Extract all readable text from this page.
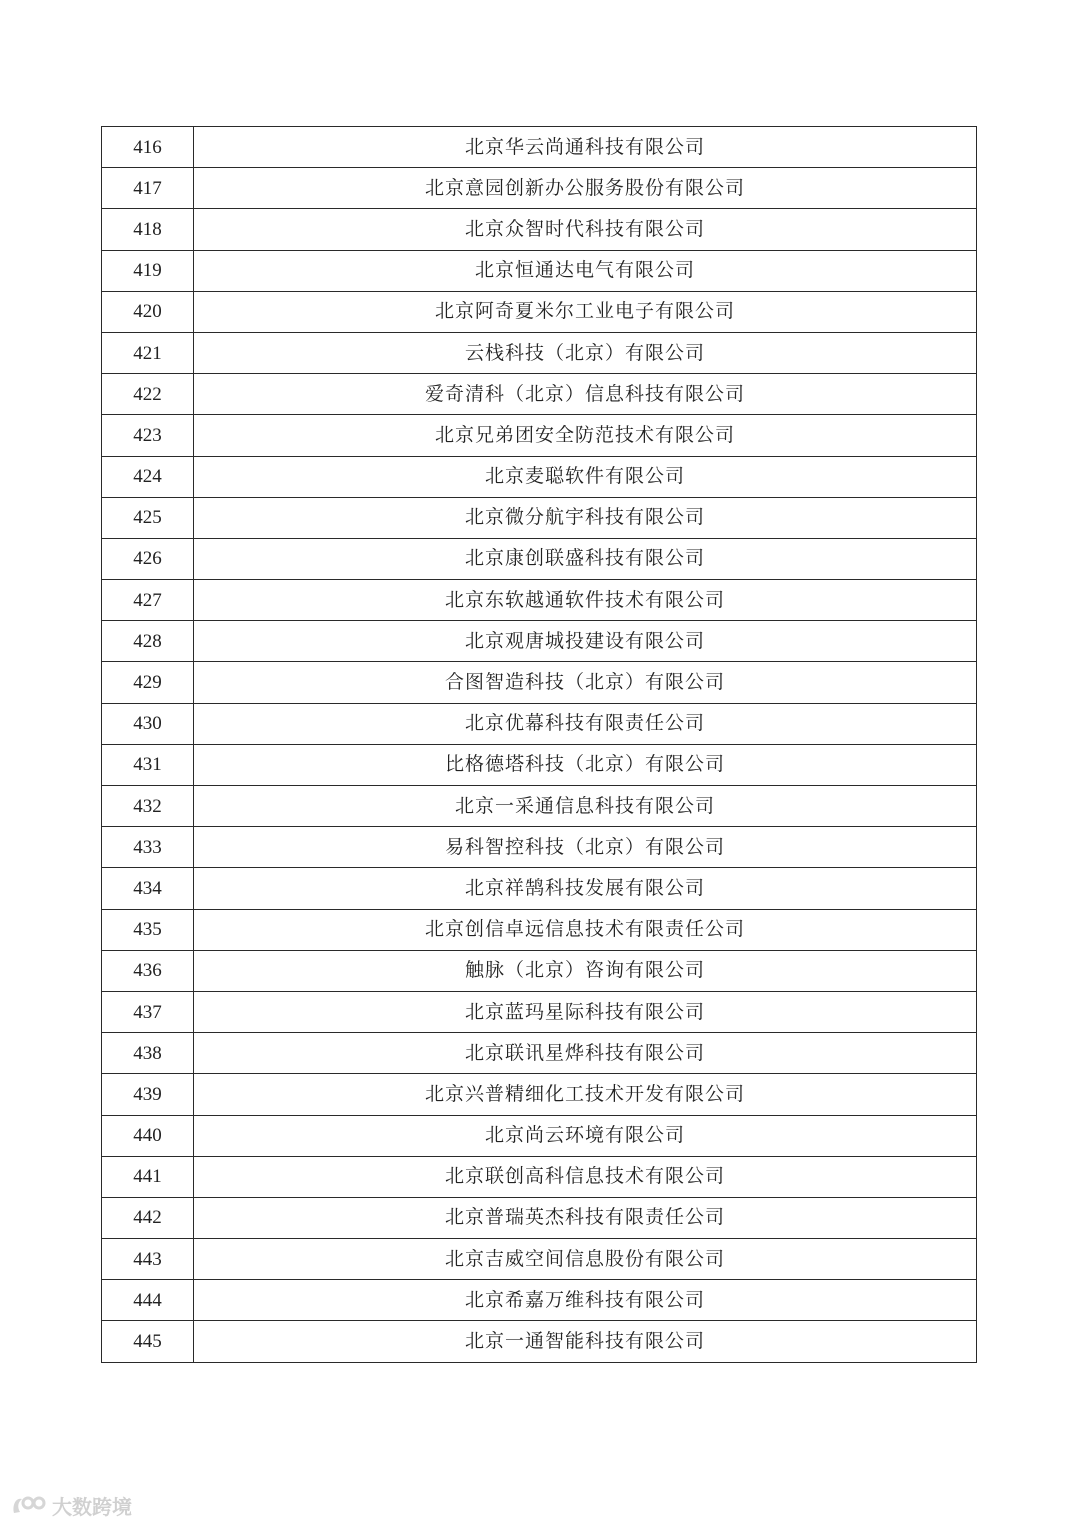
416	北京华云尚通科技有限公司
417	北京意园创新办公服务股份有限公司
418	北京众智时代科技有限公司
419	北京恒通达电气有限公司
420	北京阿奇夏米尔工业电子有限公司
421	云栈科技（北京）有限公司
422	爱奇清科（北京）信息科技有限公司
423	北京兄弟团安全防范技术有限公司
424	北京麦聪软件有限公司
425	北京微分航宇科技有限公司
426	北京康创联盛科技有限公司
427	北京东软越通软件技术有限公司
428	北京观唐城投建设有限公司
429	合图智造科技（北京）有限公司
430	北京优幕科技有限责任公司
431	比格德塔科技（北京）有限公司
432	北京一采通信息科技有限公司
433	易科智控科技（北京）有限公司
434	北京祥鹄科技发展有限公司
435	北京创信卓远信息技术有限责任公司
436	触脉（北京）咨询有限公司
437	北京蓝玛星际科技有限公司
438	北京联讯星烨科技有限公司
439	北京兴普精细化工技术开发有限公司
440	北京尚云环境有限公司
441	北京联创高科信息技术有限公司
442	北京普瑞英杰科技有限责任公司
443	北京吉威空间信息股份有限公司
444	北京希嘉万维科技有限公司
445	北京一通智能科技有限公司
大数跨境
